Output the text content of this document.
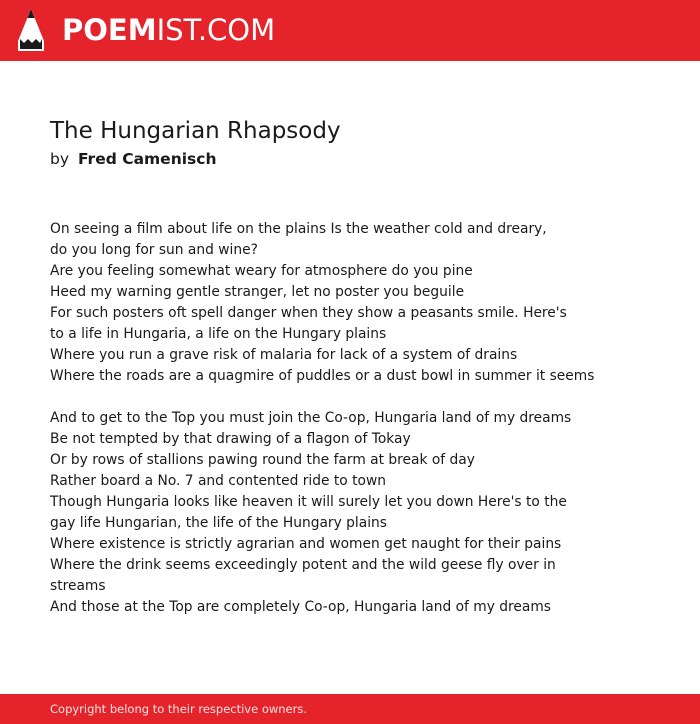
POEMIST.COM
The Hungarian Rhapsody
by Fred Camenisch
On seeing a film about life on the plains Is the weather cold and dreary,
do you long for sun and wine?
Are you feeling somewhat weary for atmosphere do you pine
Heed my warning gentle stranger, let no poster you beguile
For such posters oft spell danger when they show a peasants smile. Here's
to a life in Hungaria, a life on the Hungary plains
Where you run a grave risk of malaria for lack of a system of drains
Where the roads are a quagmire of puddles or a dust bowl in summer it seems
And to get to the Top you must join the Co-op, Hungaria land of my dreams
Be not tempted by that drawing of a flagon of Tokay
Or by rows of stallions pawing round the farm at break of day
Rather board a No. 7 and contented ride to town
Though Hungaria looks like heaven it will surely let you down Here's to the
gay life Hungarian, the life of the Hungary plains
Where existence is strictly agrarian and women get naught for their pains
Where the drink seems exceedingly potent and the wild geese fly over in
streams
And those at the Top are completely Co-op, Hungaria land of my dreams
Copyright belong to their respective owners.
